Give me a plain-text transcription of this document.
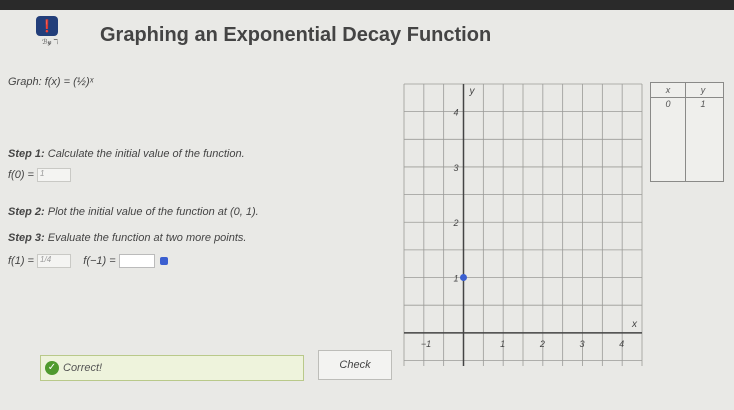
❗
ℬ𝓎 ℸ Graphing an Exponential Decay Function
Graph: f(x) = (½)ˣ
Step 1: Calculate the initial value of the function.
f(0) = 1
Step 2: Plot the initial value of the function at (0, 1).
Step 3: Evaluate the function at two more points.
f(1) = 1/4	f(−1) =
✓ Correct!	Check
4
3
2
1
−1	1	2	3	4
x
y	x	y
0	1
